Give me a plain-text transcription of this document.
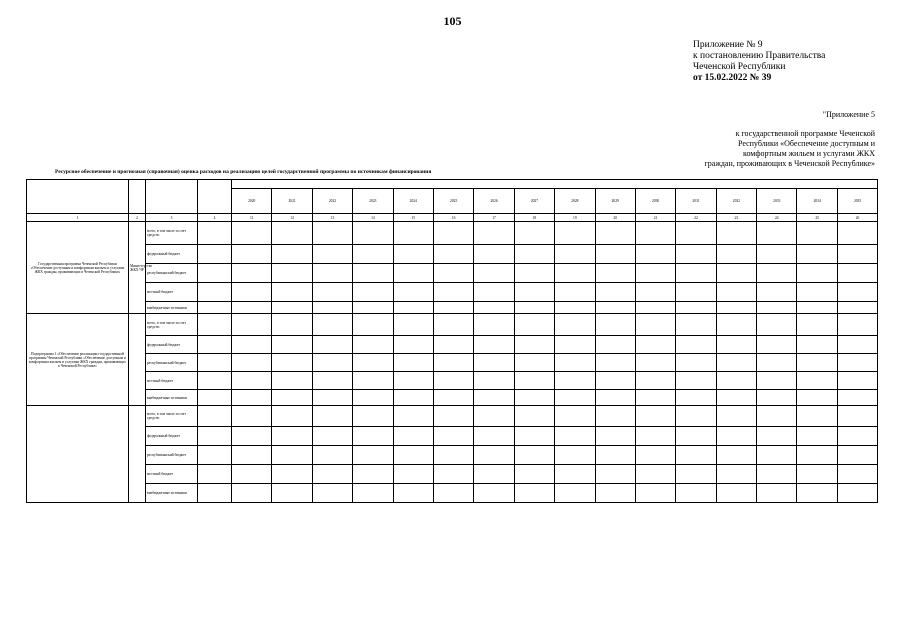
105
Приложение № 9
к постановлению Правительства
Чеченской Республики
от 15.02.2022 № 39
"Приложение 5
к государственной программе Чеченской
Республики «Обеспечение доступным и
комфортным жильем и услугами ЖКХ
граждан, проживающих в Чеченской Республике»
Ресурсное обеспечение и прогнозная (справочная) оценка расходов на реализацию целей государственной программы по источникам финансирования

				2020	2021	2022	2023	2024	2025	2026	2027	2028	2029	2030	2031	2032	2033	2034	2035
1	2	3	4	11	12	13	14	15	16	17	18	19	20	21	22	23	24	25	26
Государственная программа Чеченской Республики «Обеспечение доступным и комфортным жильем и услугами ЖКХ граждан, проживающих в Чеченской Республике»	Министерство ЖКХ ЧР	всего, в том числе за счет средств:																	
		федеральный бюджет																	
		республиканский бюджет																	
		местный бюджет																	
		внебюджетные источники																	
Подпрограмма 1 «Обеспечение реализации государственной программы Чеченской Республики «Обеспечение доступным и комфортным жильем и услугами ЖКХ граждан, проживающих в Чеченской Республике»		всего, в том числе за счет средств:																	
		федеральный бюджет																	
		республиканский бюджет																	
		местный бюджет																	
		внебюджетные источники																	
		всего, в том числе за счет средств:																	
		федеральный бюджет																	
		республиканский бюджет																	
		местный бюджет																	
		внебюджетные источники																	
